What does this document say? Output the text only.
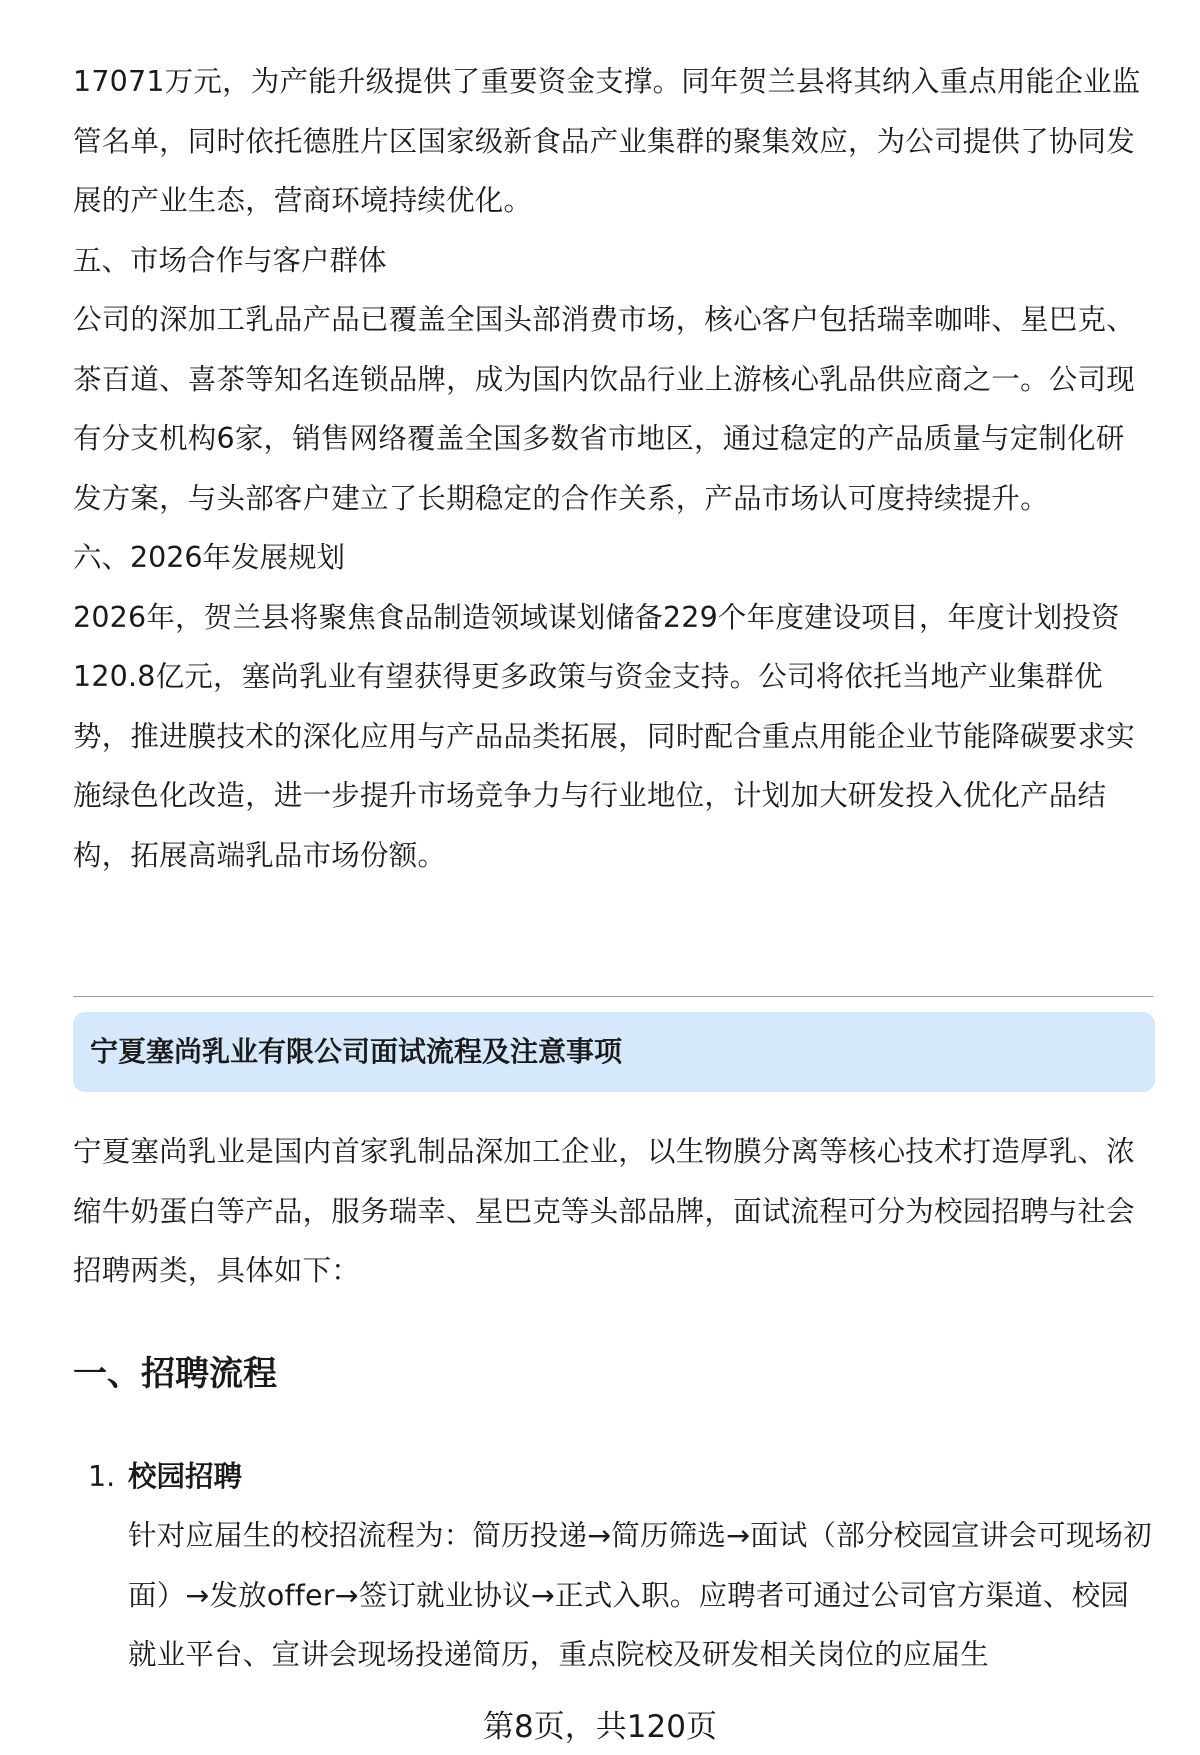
17071万元，为产能升级提供了重要资金支撑。同年贺兰县将其纳入重点用能企业监管名单，同时依托德胜片区国家级新食品产业集群的聚集效应，为公司提供了协同发展的产业生态，营商环境持续优化。

五、市场合作与客户群体

公司的深加工乳品产品已覆盖全国头部消费市场，核心客户包括瑞幸咖啡、星巴克、茶百道、喜茶等知名连锁品牌，成为国内饮品行业上游核心乳品供应商之一。公司现有分支机构6家，销售网络覆盖全国多数省市地区，通过稳定的产品质量与定制化研发方案，与头部客户建立了长期稳定的合作关系，产品市场认可度持续提升。

六、2026年发展规划

2026年，贺兰县将聚焦食品制造领域谋划储备229个年度建设项目，年度计划投资120.8亿元，塞尚乳业有望获得更多政策与资金支持。公司将依托当地产业集群优势，推进膜技术的深化应用与产品品类拓展，同时配合重点用能企业节能降碳要求实施绿色化改造，进一步提升市场竞争力与行业地位，计划加大研发投入优化产品结构，拓展高端乳品市场份额。

宁夏塞尚乳业有限公司面试流程及注意事项

宁夏塞尚乳业是国内首家乳制品深加工企业，以生物膜分离等核心技术打造厚乳、浓缩牛奶蛋白等产品，服务瑞幸、星巴克等头部品牌，面试流程可分为校园招聘与社会招聘两类，具体如下：

一、招聘流程
1. 校园招聘

针对应届生的校招流程为：简历投递→简历筛选→面试（部分校园宣讲会可现场初面）→发放offer→签订就业协议→正式入职。应聘者可通过公司官方渠道、校园就业平台、宣讲会现场投递简历，重点院校及研发相关岗位的应届生

第8页，共120页
